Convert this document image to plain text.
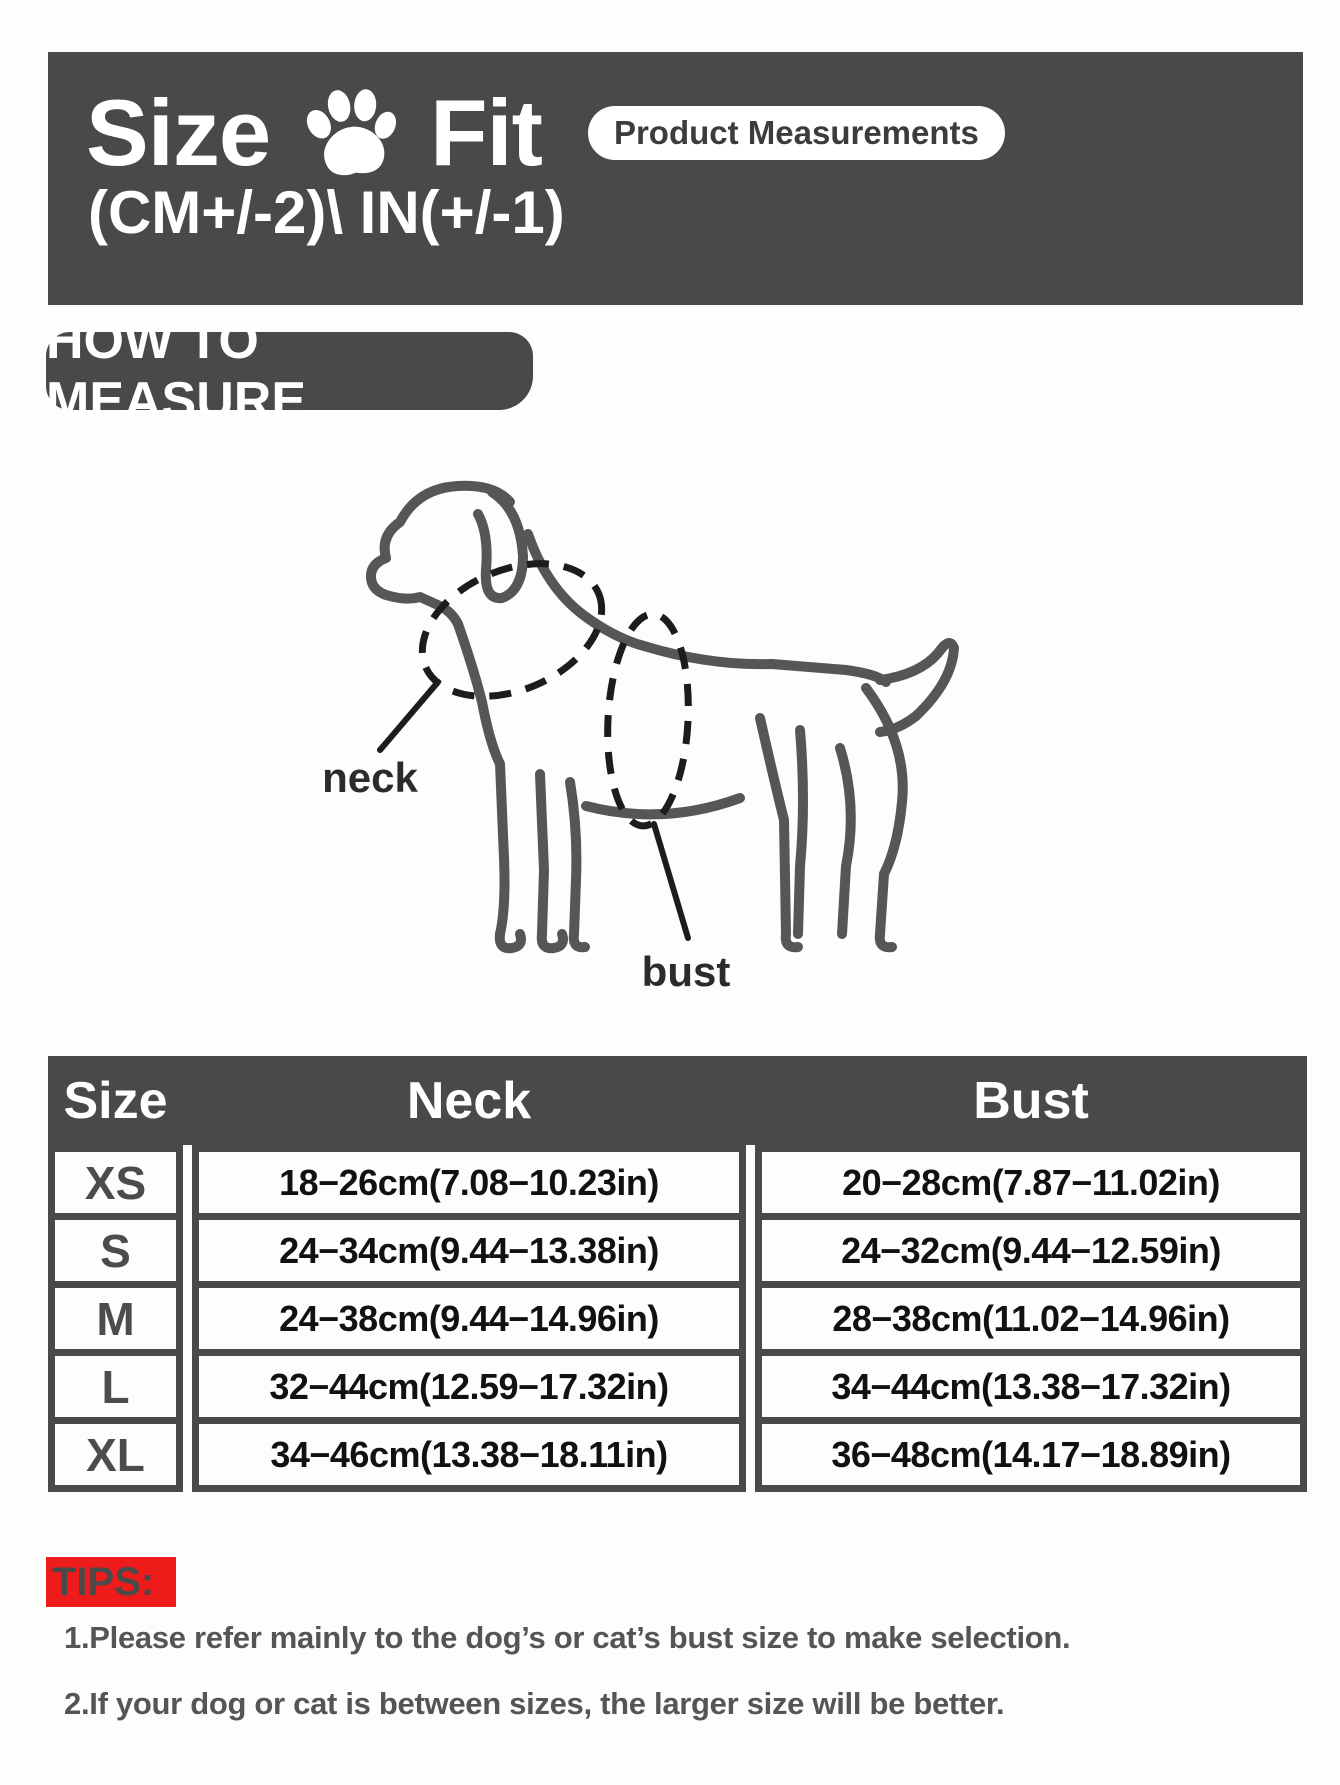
Size Fit	Product Measurements
(CM+/-2)\ IN(+/-1)
HOW TO MEASURE
neck
bust
Size	Neck	Bust
XS	18−26cm(7.08−10.23in)	20−28cm(7.87−11.02in)
S	24−34cm(9.44−13.38in)	24−32cm(9.44−12.59in)
M	24−38cm(9.44−14.96in)	28−38cm(11.02−14.96in)
L	32−44cm(12.59−17.32in)	34−44cm(13.38−17.32in)
XL	34−46cm(13.38−18.11in)	36−48cm(14.17−18.89in)
TIPS:
1.Please refer mainly to the dog’s or cat’s bust size to make selection.
2.If your dog or cat is between sizes, the larger size will be better.
